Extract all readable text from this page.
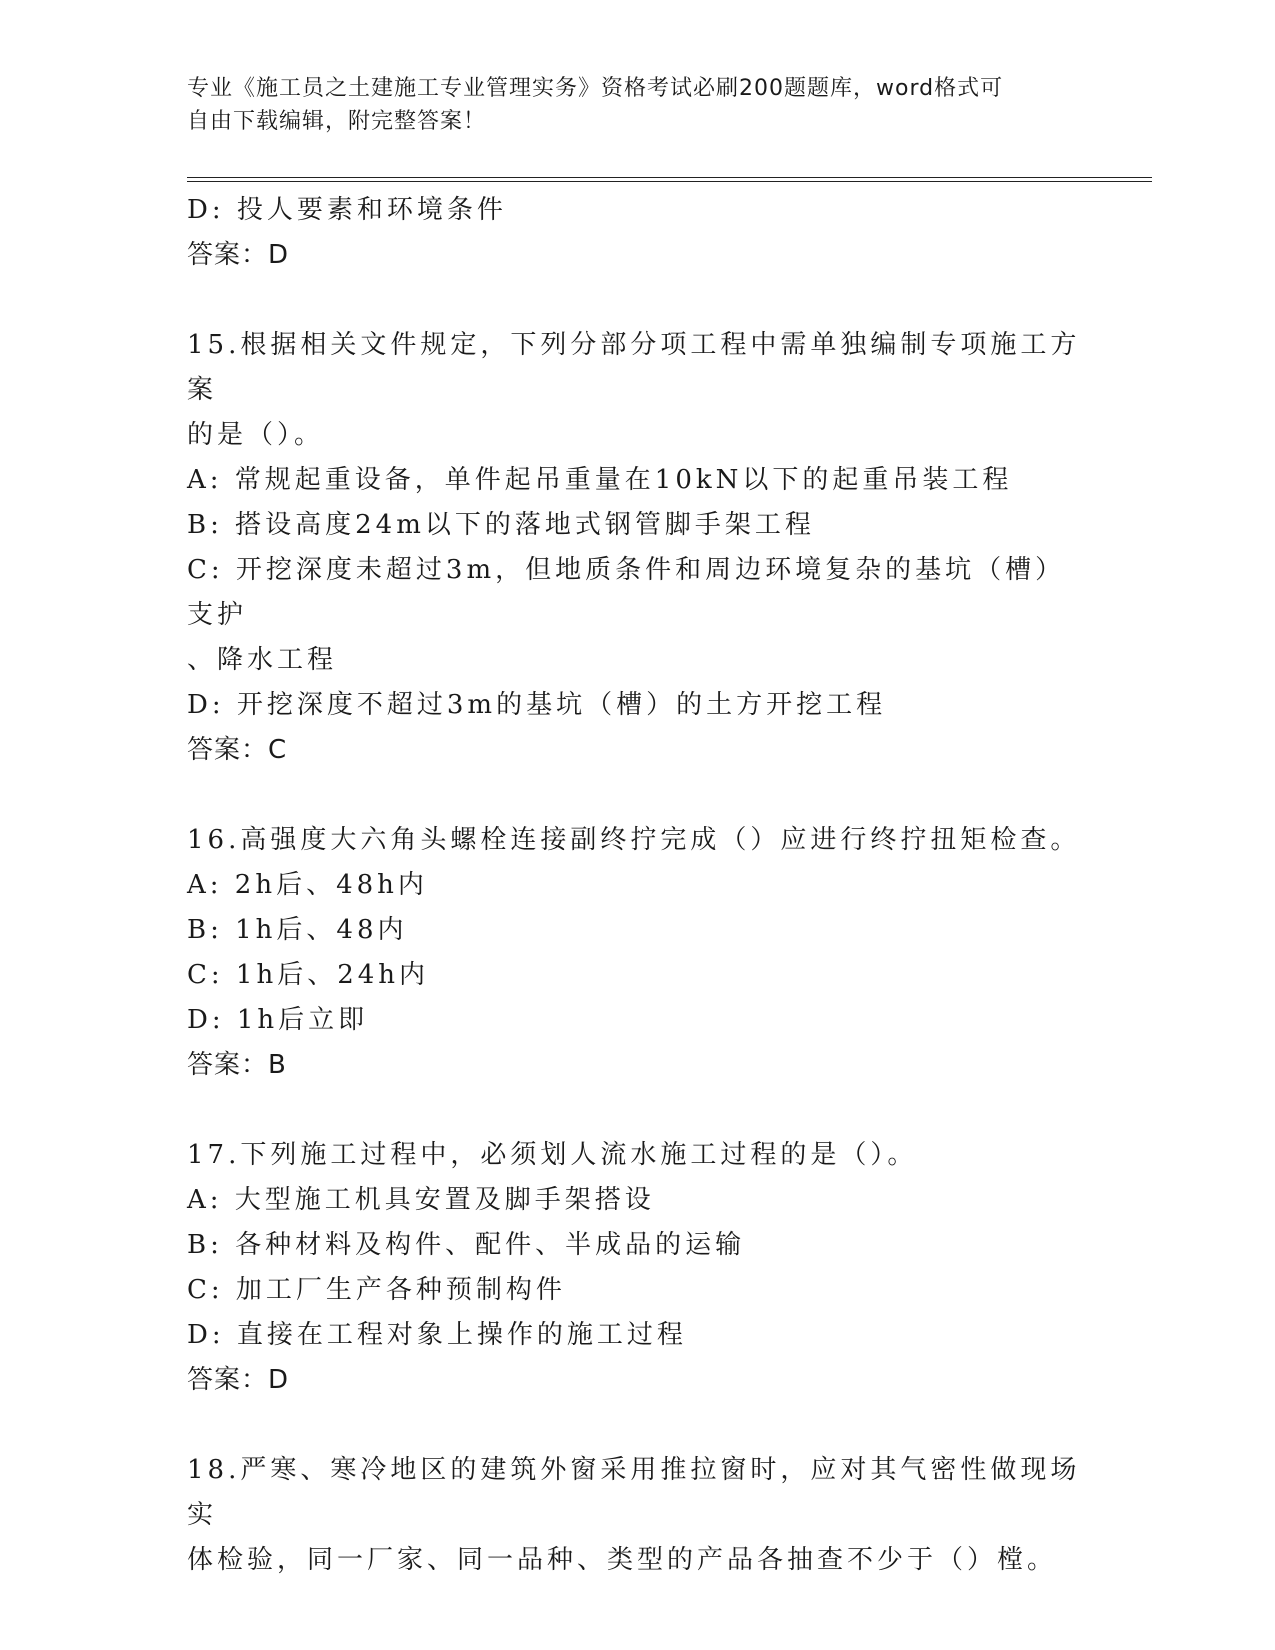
专业《施工员之土建施工专业管理实务》资格考试必刷200题题库，word格式可

自由下载编辑，附完整答案！

D: 投人要素和环境条件

答案：D

15.根据相关文件规定，下列分部分项工程中需单独编制专项施工方案

的是（）。

A: 常规起重设备，单件起吊重量在10kN以下的起重吊装工程

B: 搭设高度24m以下的落地式钢管脚手架工程

C: 开挖深度未超过3m，但地质条件和周边环境复杂的基坑（槽）支护

、降水工程

D: 开挖深度不超过3m的基坑（槽）的土方开挖工程

答案：C

16.高强度大六角头螺栓连接副终拧完成（）应进行终拧扭矩检查。

A: 2h后、48h内

B: 1h后、48内

C: 1h后、24h内

D: 1h后立即

答案：B

17.下列施工过程中，必须划人流水施工过程的是（）。

A: 大型施工机具安置及脚手架搭设

B: 各种材料及构件、配件、半成品的运输

C: 加工厂生产各种预制构件

D: 直接在工程对象上操作的施工过程

答案：D

18.严寒、寒冷地区的建筑外窗采用推拉窗时，应对其气密性做现场实

体检验，同一厂家、同一品种、类型的产品各抽查不少于（）樘。
